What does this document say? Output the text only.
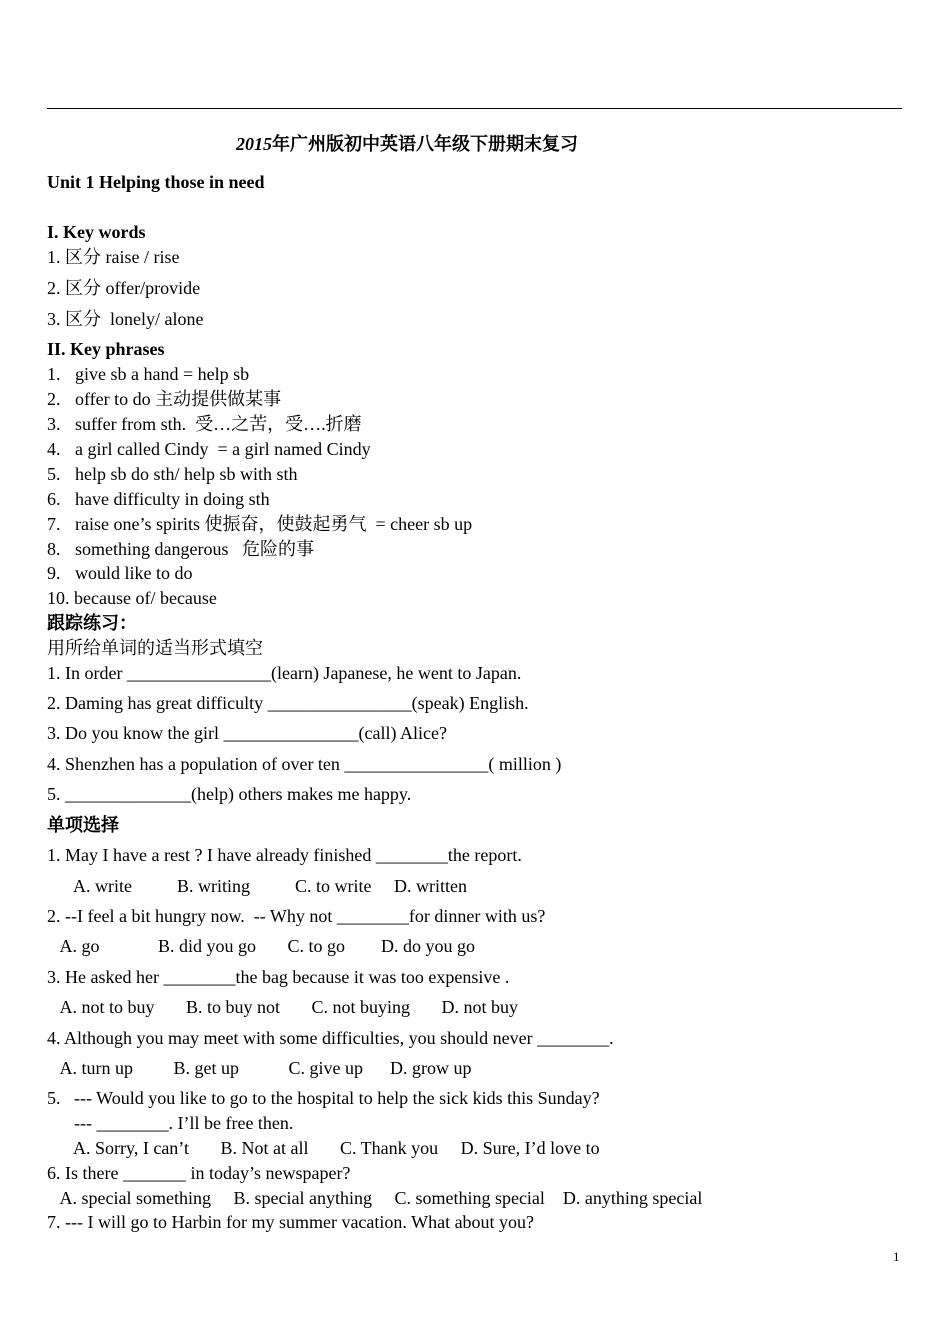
2015年广州版初中英语八年级下册期末复习
Unit 1 Helping those in need
I. Key words
1. 区分 raise / rise
2. 区分 offer/provide
3. 区分  lonely/ alone
II. Key phrases
1. give sb a hand = help sb
2. offer to do 主动提供做某事
3. suffer from sth.  受…之苦，受….折磨
4. a girl called Cindy  = a girl named Cindy
5. help sb do sth/ help sb with sth
6. have difficulty in doing sth
7. raise one’s spirits 使振奋，使鼓起勇气  = cheer sb up
8. something dangerous   危险的事
9. would like to do
10. because of/ because
跟踪练习：
用所给单词的适当形式填空
1. In order ________________(learn) Japanese, he went to Japan.
2. Daming has great difficulty ________________(speak) English.
3. Do you know the girl _______________(call) Alice?
4. Shenzhen has a population of over ten ________________( million )
5. ______________(help) others makes me happy.
单项选择
1. May I have a rest ? I have already finished ________the report.
A. write          B. writing          C. to write     D. written
2. --I feel a bit hungry now.  -- Why not ________for dinner with us?
A. go             B. did you go       C. to go        D. do you go
3. He asked her ________the bag because it was too expensive .
A. not to buy       B. to buy not       C. not buying       D. not buy
4. Although you may meet with some difficulties, you should never ________.
A. turn up         B. get up           C. give up      D. grow up
5.   --- Would you like to go to the hospital to help the sick kids this Sunday?
--- ________. I’ll be free then.
A. Sorry, I can’t       B. Not at all       C. Thank you     D. Sure, I’d love to
6. Is there _______ in today’s newspaper?
A. special something     B. special anything     C. something special    D. anything special
7. --- I will go to Harbin for my summer vacation. What about you?
1
